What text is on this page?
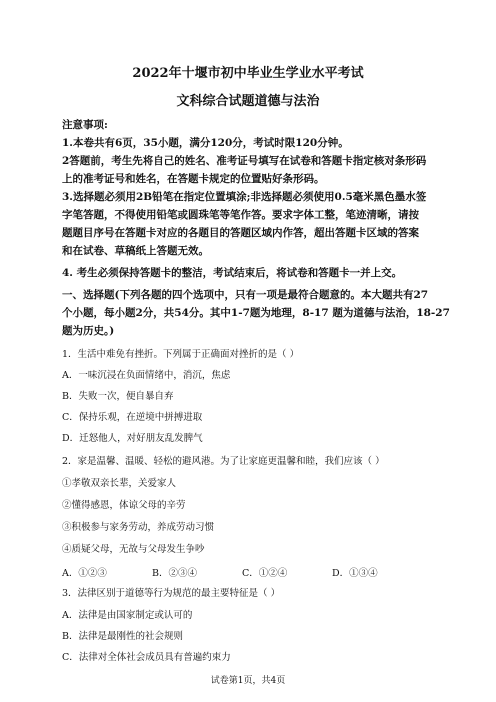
2022年十堰市初中毕业生学业水平考试
文科综合试题道德与法治
注意事项:
1.本卷共有6页，35小题，满分120分，考试时限120分钟。
2答题前，考生先将自己的姓名、准考证号填写在试卷和答题卡指定核对条形码
上的准考证号和姓名，在答题卡规定的位置贴好条形码。
3.选择题必须用2B铅笔在指定位置填涂;非选择题必须使用0.5毫米黑色墨水签
字笔答题，不得使用铅笔或圆珠笔等笔作答。要求字体工整，笔迹清晰，请按
题题目序号在答题卡对应的各题目的答题区域内作答，超出答题卡区域的答案
和在试卷、草稿纸上答题无效。
4. 考生必须保持答题卡的整洁，考试结束后，将试卷和答题卡一并上交。
一、选择题(下列各题的四个选项中，只有一项是最符合题意的。本大题共有27
个小题，每小题2分，共54分。其中1-7题为地理，8-17 题为道德与法治，18-27
题为历史。)
1．生活中难免有挫折。下列属于正确面对挫折的是（ ）
A．一味沉浸在负面情绪中，消沉，焦虑
B．失败一次，便自暴自弃
C．保持乐观，在逆境中拼搏进取
D．迁怒他人，对好朋友乱发脾气
2．家是温馨、温暖、轻松的避风港。为了让家庭更温馨和睦，我们应该（ ）
①孝敬双亲长辈，关爱家人
②懂得感恩，体谅父母的辛劳
③积极参与家务劳动，养成劳动习惯
④质疑父母，无故与父母发生争吵
A．①②③	B．②③④	C．①②④	D．①③④
3．法律区别于道德等行为规范的最主要特征是（ ）
A．法律是由国家制定或认可的
B．法律是最刚性的社会规则
C．法律对全体社会成员具有普遍约束力
试卷第1页，共4页
